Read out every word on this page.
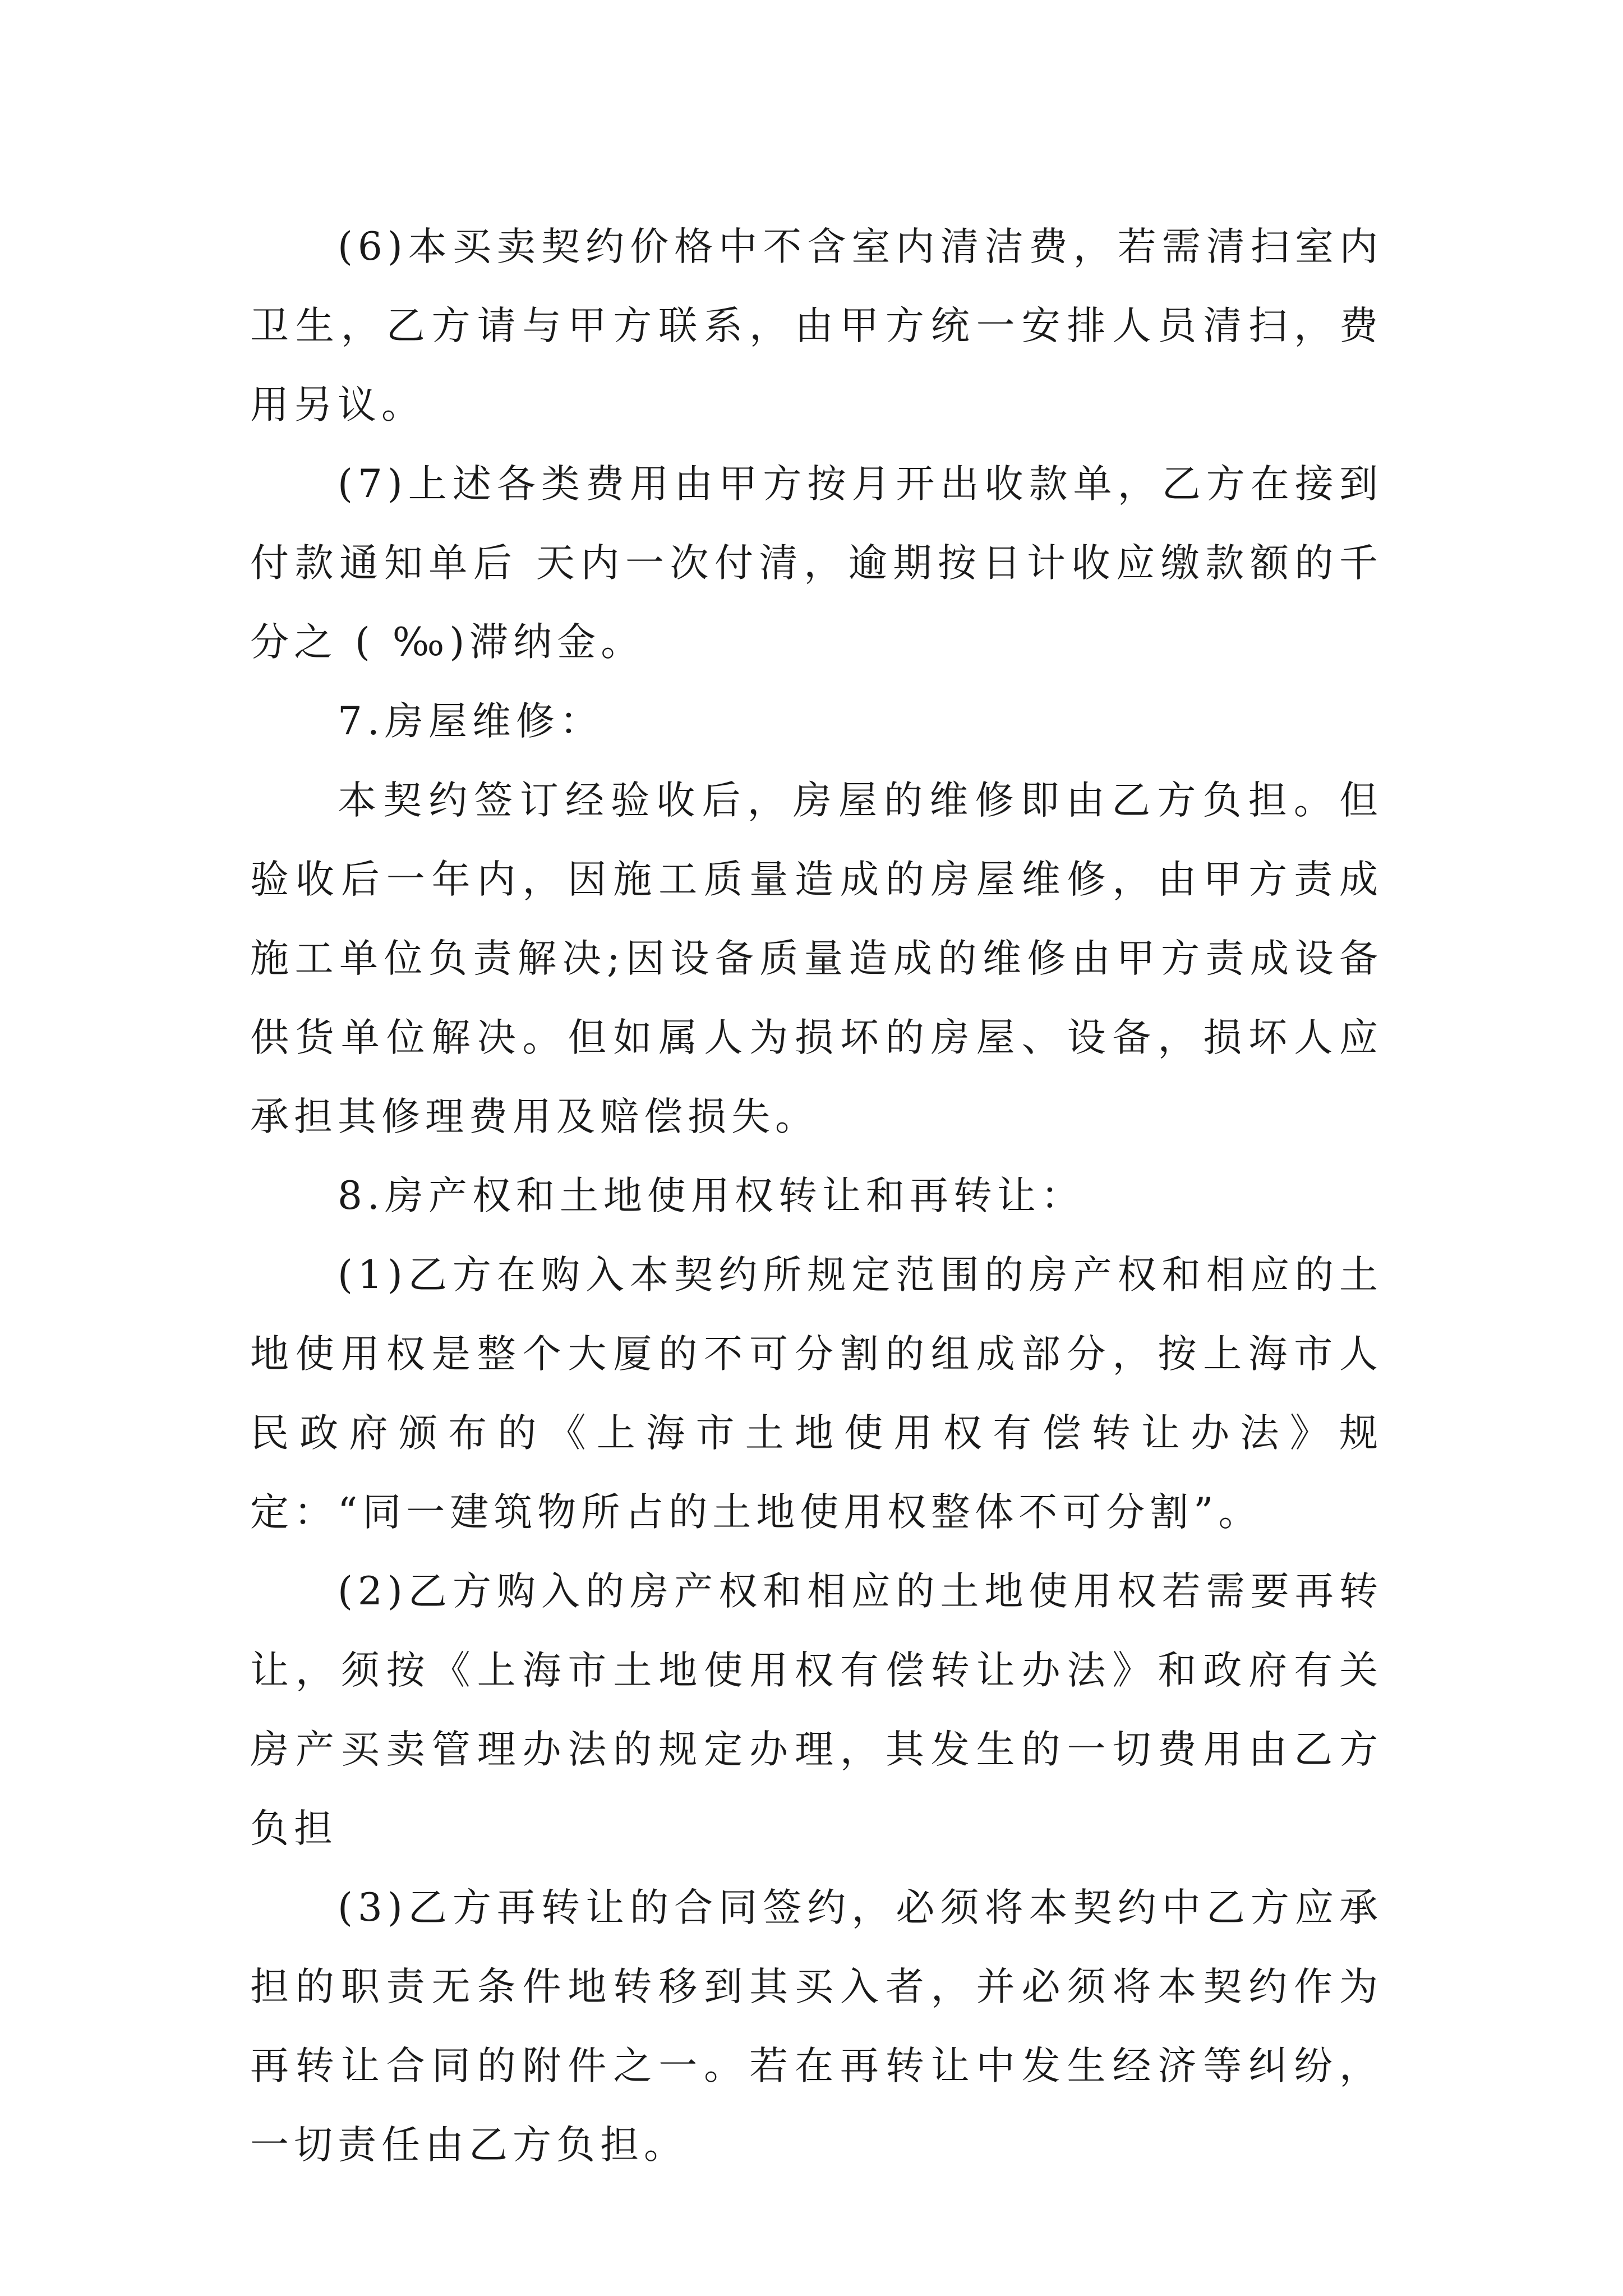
(6)本买卖契约价格中不含室内清洁费，若需清扫室内卫生，乙方请与甲方联系，由甲方统一安排人员清扫，费用另议。

(7)上述各类费用由甲方按月开出收款单，乙方在接到付款通知单后 天内一次付清，逾期按日计收应缴款额的千分之 ( ‰)滞纳金。

7.房屋维修：

本契约签订经验收后，房屋的维修即由乙方负担。但验收后一年内，因施工质量造成的房屋维修，由甲方责成施工单位负责解决;因设备质量造成的维修由甲方责成设备供货单位解决。但如属人为损坏的房屋、设备，损坏人应承担其修理费用及赔偿损失。

8.房产权和土地使用权转让和再转让：

(1)乙方在购入本契约所规定范围的房产权和相应的土地使用权是整个大厦的不可分割的组成部分，按上海市人民政府颁布的《上海市土地使用权有偿转让办法》规定：“同一建筑物所占的土地使用权整体不可分割”。

(2)乙方购入的房产权和相应的土地使用权若需要再转让，须按《上海市土地使用权有偿转让办法》和政府有关房产买卖管理办法的规定办理，其发生的一切费用由乙方负担

(3)乙方再转让的合同签约，必须将本契约中乙方应承担的职责无条件地转移到其买入者，并必须将本契约作为再转让合同的附件之一。若在再转让中发生经济等纠纷，一切责任由乙方负担。
